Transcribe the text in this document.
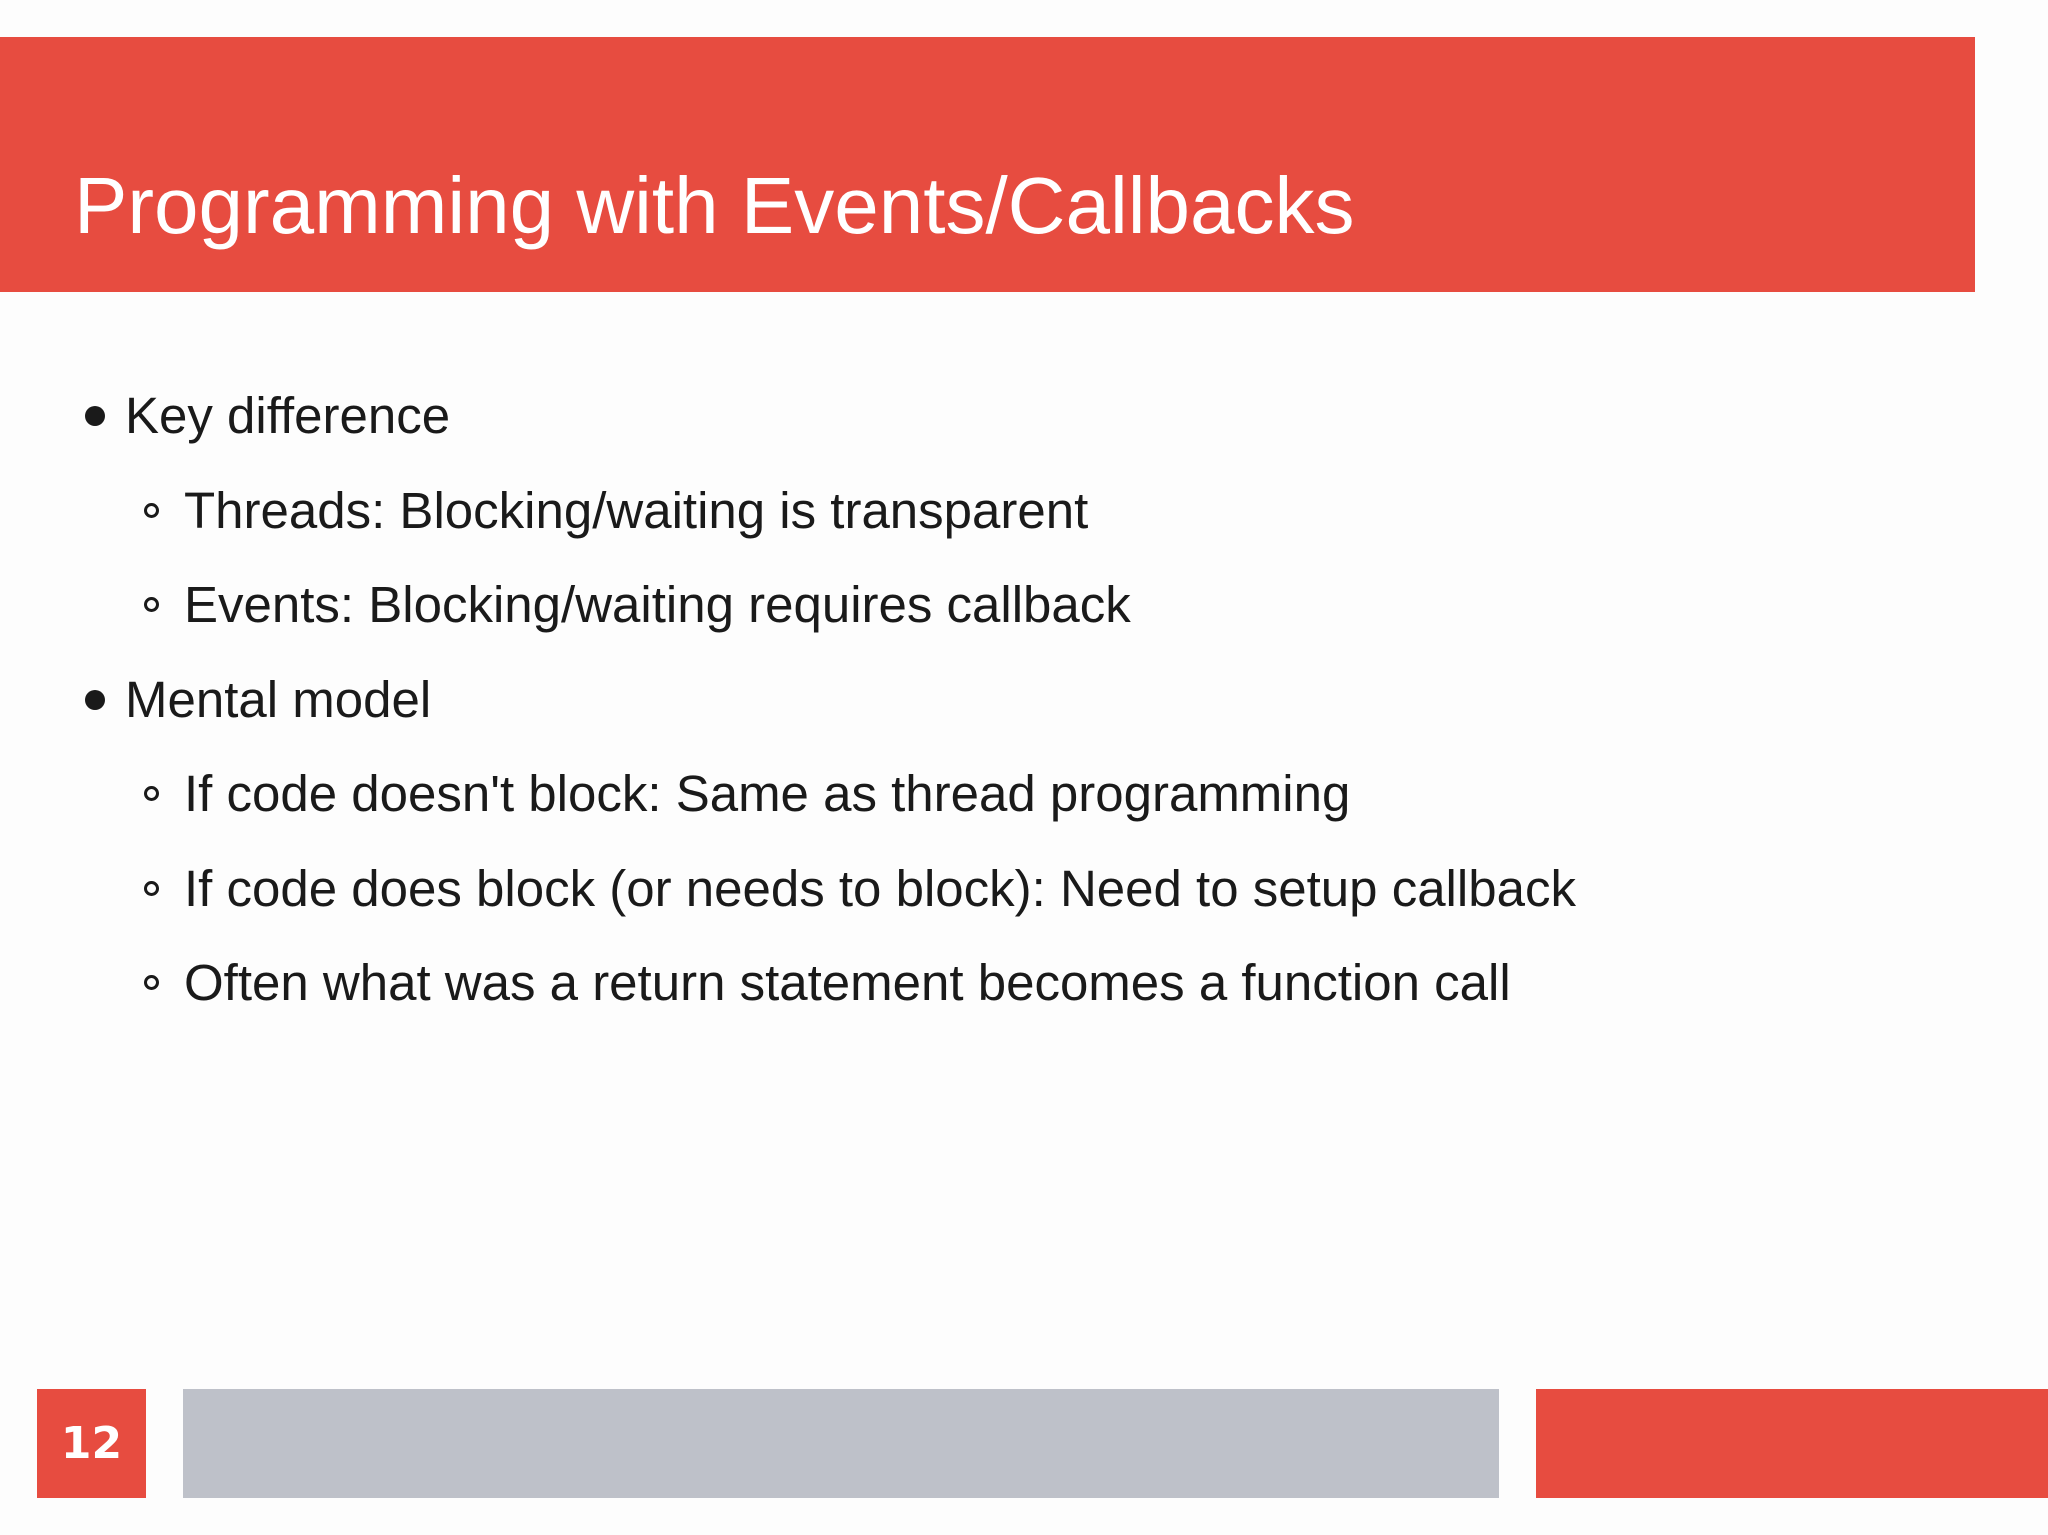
Programming with Events/Callbacks
Key difference
Threads: Blocking/waiting is transparent
Events: Blocking/waiting requires callback
Mental model
If code doesn't block: Same as thread programming
If code does block (or needs to block): Need to setup callback
Often what was a return statement becomes a function call
12
